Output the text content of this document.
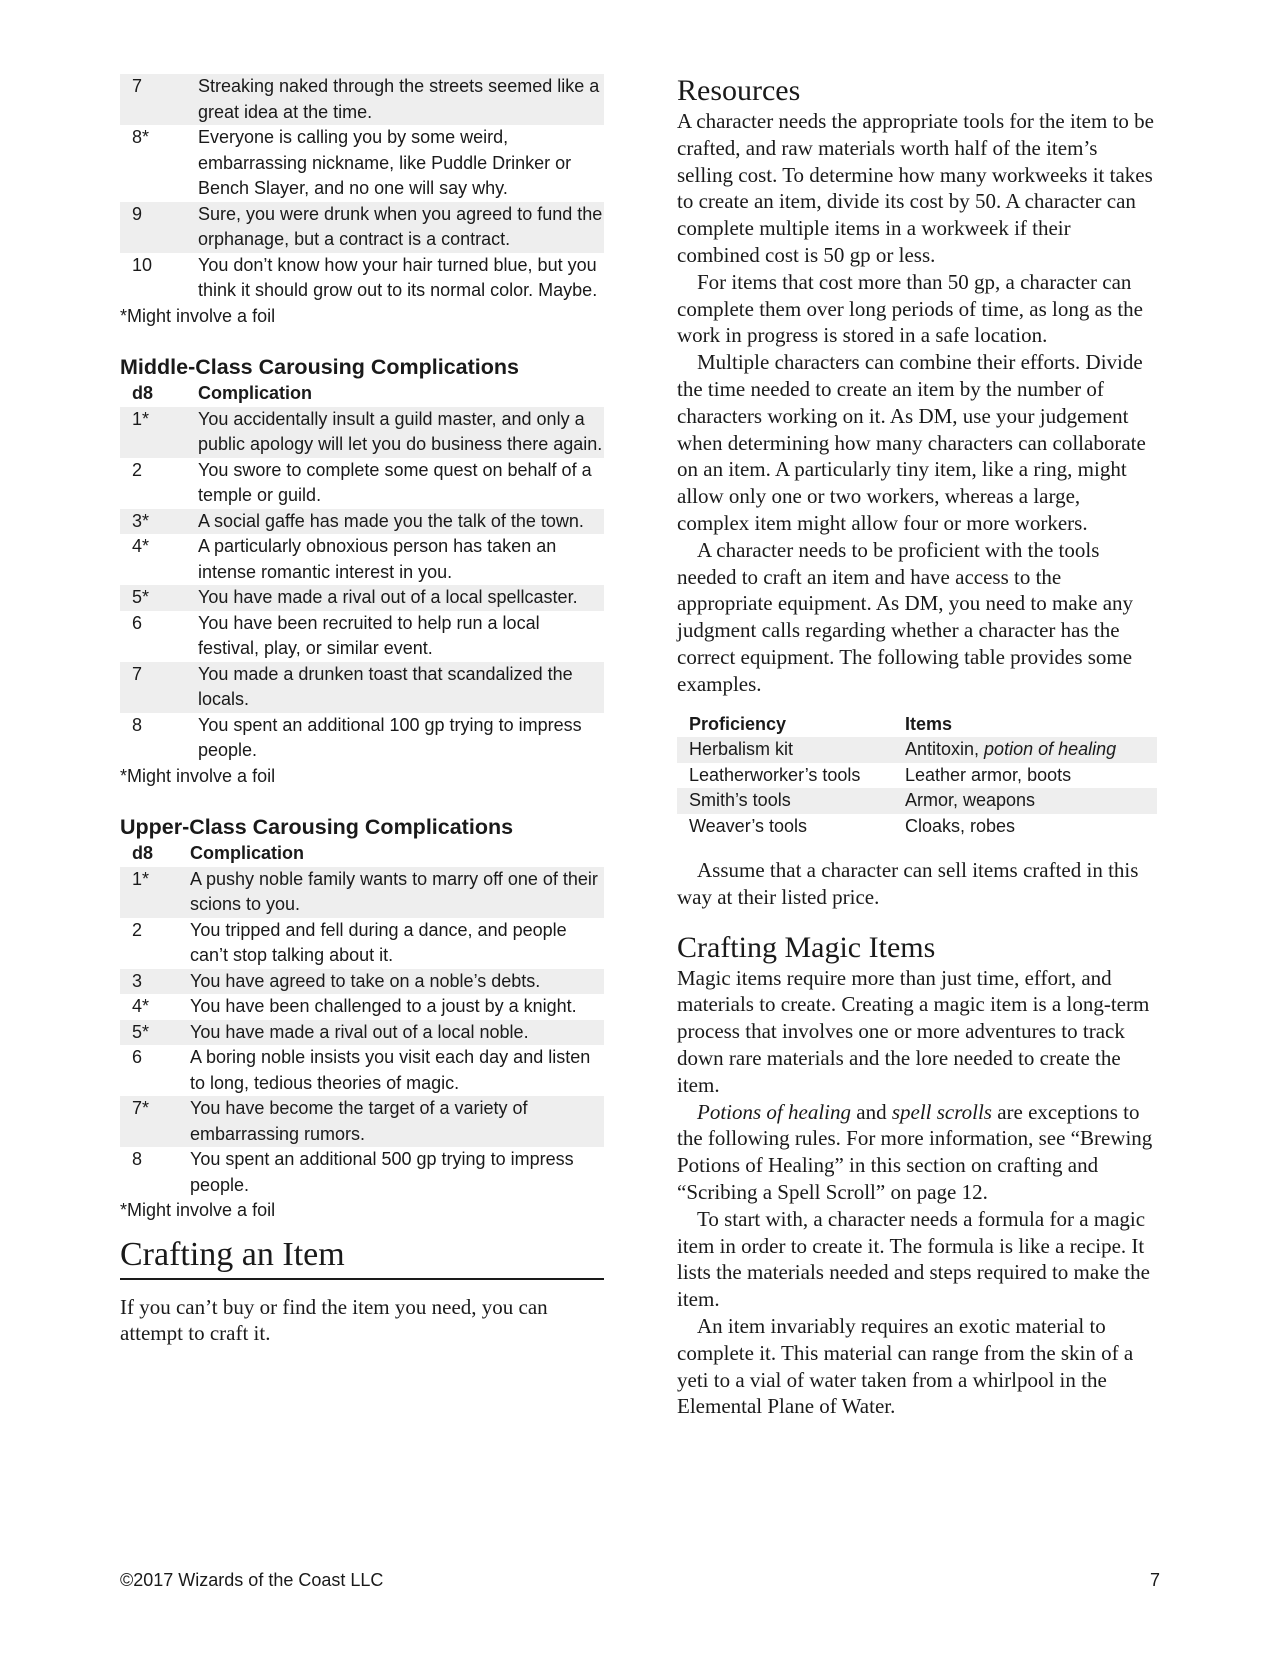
7	Streaking naked through the streets seemed like a great idea at the time.
8*	Everyone is calling you by some weird, embarrassing nickname, like Puddle Drinker or Bench Slayer, and no one will say why.
9	Sure, you were drunk when you agreed to fund the orphanage, but a contract is a contract.
10	You don’t know how your hair turned blue, but you think it should grow out to its normal color. Maybe.

*Might involve a foil

Middle-Class Carousing Complications

d8	Complication
1*	You accidentally insult a guild master, and only a public apology will let you do business there again.
2	You swore to complete some quest on behalf of a temple or guild.
3*	A social gaffe has made you the talk of the town.
4*	A particularly obnoxious person has taken an intense romantic interest in you.
5*	You have made a rival out of a local spellcaster.
6	You have been recruited to help run a local festival, play, or similar event.
7	You made a drunken toast that scandalized the locals.
8	You spent an additional 100 gp trying to impress people.

*Might involve a foil

Upper-Class Carousing Complications

d8	Complication
1*	A pushy noble family wants to marry off one of their scions to you.
2	You tripped and fell during a dance, and people can’t stop talking about it.
3	You have agreed to take on a noble’s debts.
4*	You have been challenged to a joust by a knight.
5*	You have made a rival out of a local noble.
6	A boring noble insists you visit each day and listen to long, tedious theories of magic.
7*	You have become the target of a variety of embarrassing rumors.
8	You spent an additional 500 gp trying to impress people.

*Might involve a foil

Crafting an Item

If you can’t buy or find the item you need, you can attempt to craft it.

Resources

A character needs the appropriate tools for the item to be crafted, and raw materials worth half of the item’s selling cost. To determine how many workweeks it takes to create an item, divide its cost by 50. A character can complete multiple items in a workweek if their combined cost is 50 gp or less.

For items that cost more than 50 gp, a character can complete them over long periods of time, as long as the work in progress is stored in a safe location.

Multiple characters can combine their efforts. Divide the time needed to create an item by the number of characters working on it. As DM, use your judgement when determining how many characters can collaborate on an item. A particularly tiny item, like a ring, might allow only one or two workers, whereas a large, complex item might allow four or more workers.

A character needs to be proficient with the tools needed to craft an item and have access to the appropriate equipment. As DM, you need to make any judgment calls regarding whether a character has the correct equipment. The following table provides some examples.

Proficiency	Items
Herbalism kit	Antitoxin, potion of healing
Leatherworker’s tools	Leather armor, boots
Smith’s tools	Armor, weapons
Weaver’s tools	Cloaks, robes

Assume that a character can sell items crafted in this way at their listed price.

Crafting Magic Items

Magic items require more than just time, effort, and materials to create. Creating a magic item is a long-term process that involves one or more adventures to track down rare materials and the lore needed to create the item.

Potions of healing and spell scrolls are exceptions to the following rules. For more information, see “Brewing Potions of Healing” in this section on crafting and “Scribing a Spell Scroll” on page 12.

To start with, a character needs a formula for a magic item in order to create it. The formula is like a recipe. It lists the materials needed and steps required to make the item.

An item invariably requires an exotic material to complete it. This material can range from the skin of a yeti to a vial of water taken from a whirlpool in the Elemental Plane of Water.

©2017 Wizards of the Coast LLC	7
